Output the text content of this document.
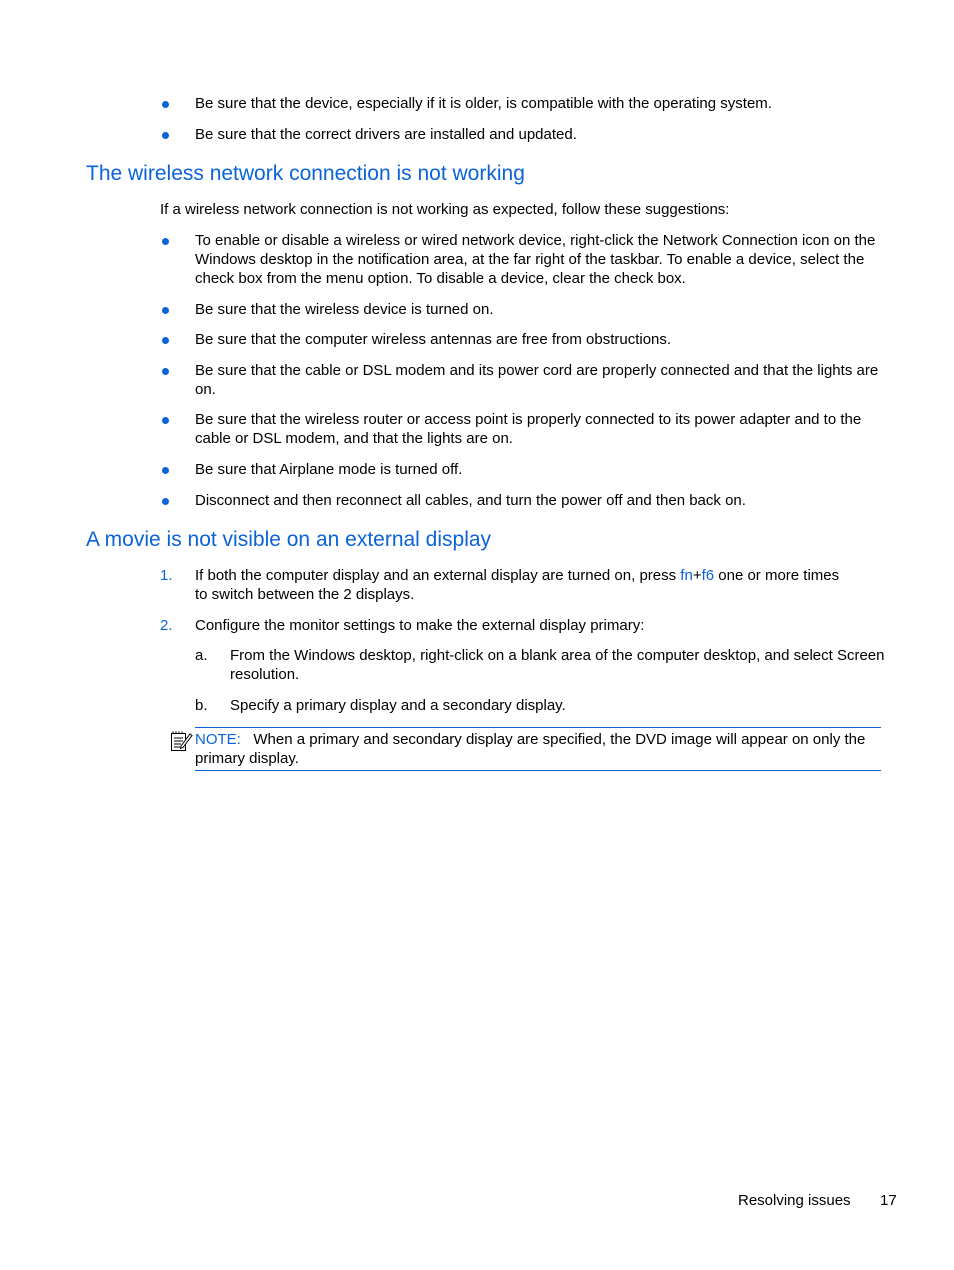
Be sure that the device, especially if it is older, is compatible with the operating system.
Be sure that the correct drivers are installed and updated.
The wireless network connection is not working
If a wireless network connection is not working as expected, follow these suggestions:
To enable or disable a wireless or wired network device, right-click the Network Connection icon on the Windows desktop in the notification area, at the far right of the taskbar. To enable a device, select the check box from the menu option. To disable a device, clear the check box.
Be sure that the wireless device is turned on.
Be sure that the computer wireless antennas are free from obstructions.
Be sure that the cable or DSL modem and its power cord are properly connected and that the lights are on.
Be sure that the wireless router or access point is properly connected to its power adapter and to the cable or DSL modem, and that the lights are on.
Be sure that Airplane mode is turned off.
Disconnect and then reconnect all cables, and turn the power off and then back on.
A movie is not visible on an external display
1. If both the computer display and an external display are turned on, press fn+f6 one or more times to switch between the 2 displays.
2. Configure the monitor settings to make the external display primary:
a. From the Windows desktop, right-click on a blank area of the computer desktop, and select Screen resolution.
b. Specify a primary display and a secondary display.
NOTE: When a primary and secondary display are specified, the DVD image will appear on only the primary display.
Resolving issues 17
